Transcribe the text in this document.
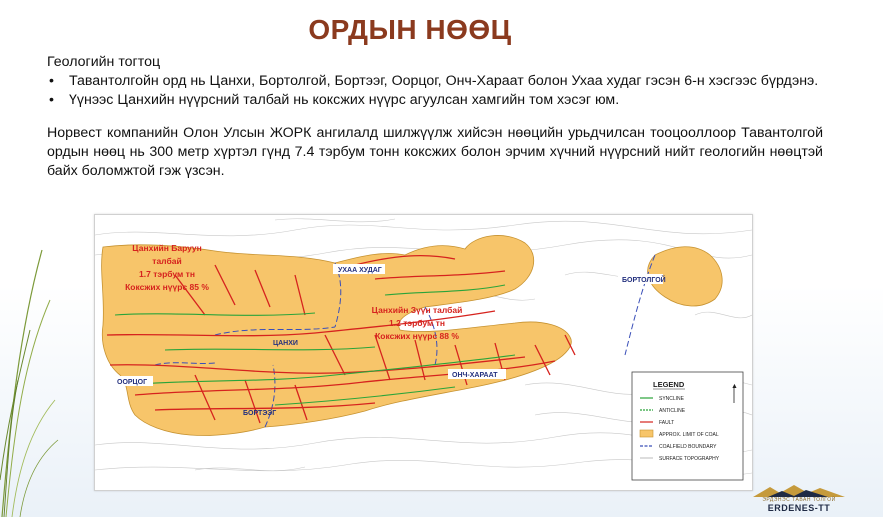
ОРДЫН НӨӨЦ

Геологийн тогтоц

• Тавантолгойн орд нь Цанхи, Бортолгой, Бортээг, Оорцог, Онч-Хараат болон Ухаа худаг гэсэн 6-н хэсгээс бүрдэнэ.
• Үүнээс Цанхийн нүүрсний талбай нь коксжих нүүрс агуулсан хамгийн том хэсэг юм.

Норвест компанийн Олон Улсын ЖОРК ангилалд шилжүүлж хийсэн нөөцийн урьдчилсан тооцооллоор Тавантолгой ордын нөөц нь 300 метр хүртэл гүнд 7.4 тэрбум тонн коксжих болон эрчим хүчний нүүрсний нийт геологийн нөөцтэй байх боломжтой гэж үзсэн.

LEGEND
SYNCLINE
ANTICLINE
FAULT
APPROX. LIMIT OF COAL
COALFIELD BOUNDARY
SURFACE TOPOGRAPHY
▲
УХАА ХУДАГ
БОРТОЛГОЙ
ЦАНХИ
ООРЦОГ
БОРТЭЭГ
ОНЧ-ХАРААТ
Цанхийн Баруун
талбай
1.7 тэрбум тн
Коксжих нүүрс 85 %
Цанхийн Зүүн талбай
1.2 тэрбум тн
Коксжих нүүрс 88 %
ЭРДЭНЭС ТАВАН ТОЛГОЙ
ERDENES-TT
